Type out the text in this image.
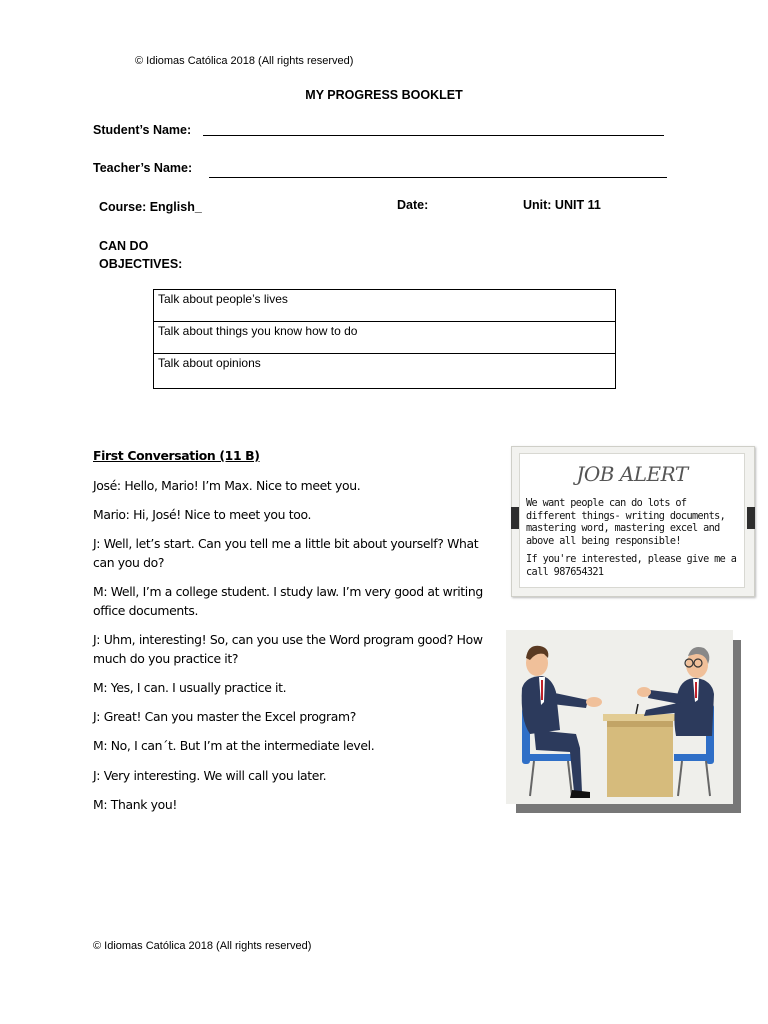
© Idiomas Católica 2018 (All rights reserved)
MY PROGRESS BOOKLET
Student’s Name:
Teacher’s Name:
Course: English_	Date:	Unit: UNIT 11
CAN DO
OBJECTIVES:
Talk about people’s lives
Talk about things you know how to do
Talk about opinions

First Conversation (11 B)

José: Hello, Mario! I’m Max. Nice to meet you.
Mario: Hi, José! Nice to meet you too.
J: Well, let’s start. Can you tell me a little bit about yourself? What can you do?
M: Well, I’m a college student. I study law. I’m very good at writing office documents.
J: Uhm, interesting! So, can you use the Word program good? How much do you practice it?
M: Yes, I can. I usually practice it.
J: Great! Can you master the Excel program?
M: No, I can´t. But I’m at the intermediate level.
J: Very interesting. We will call you later.
M: Thank you!
JOB ALERT
We want people can do lots of different things- writing documents, mastering word, mastering excel and above all being responsible!
If you're interested, please give me a call 987654321
© Idiomas Católica 2018 (All rights reserved)
